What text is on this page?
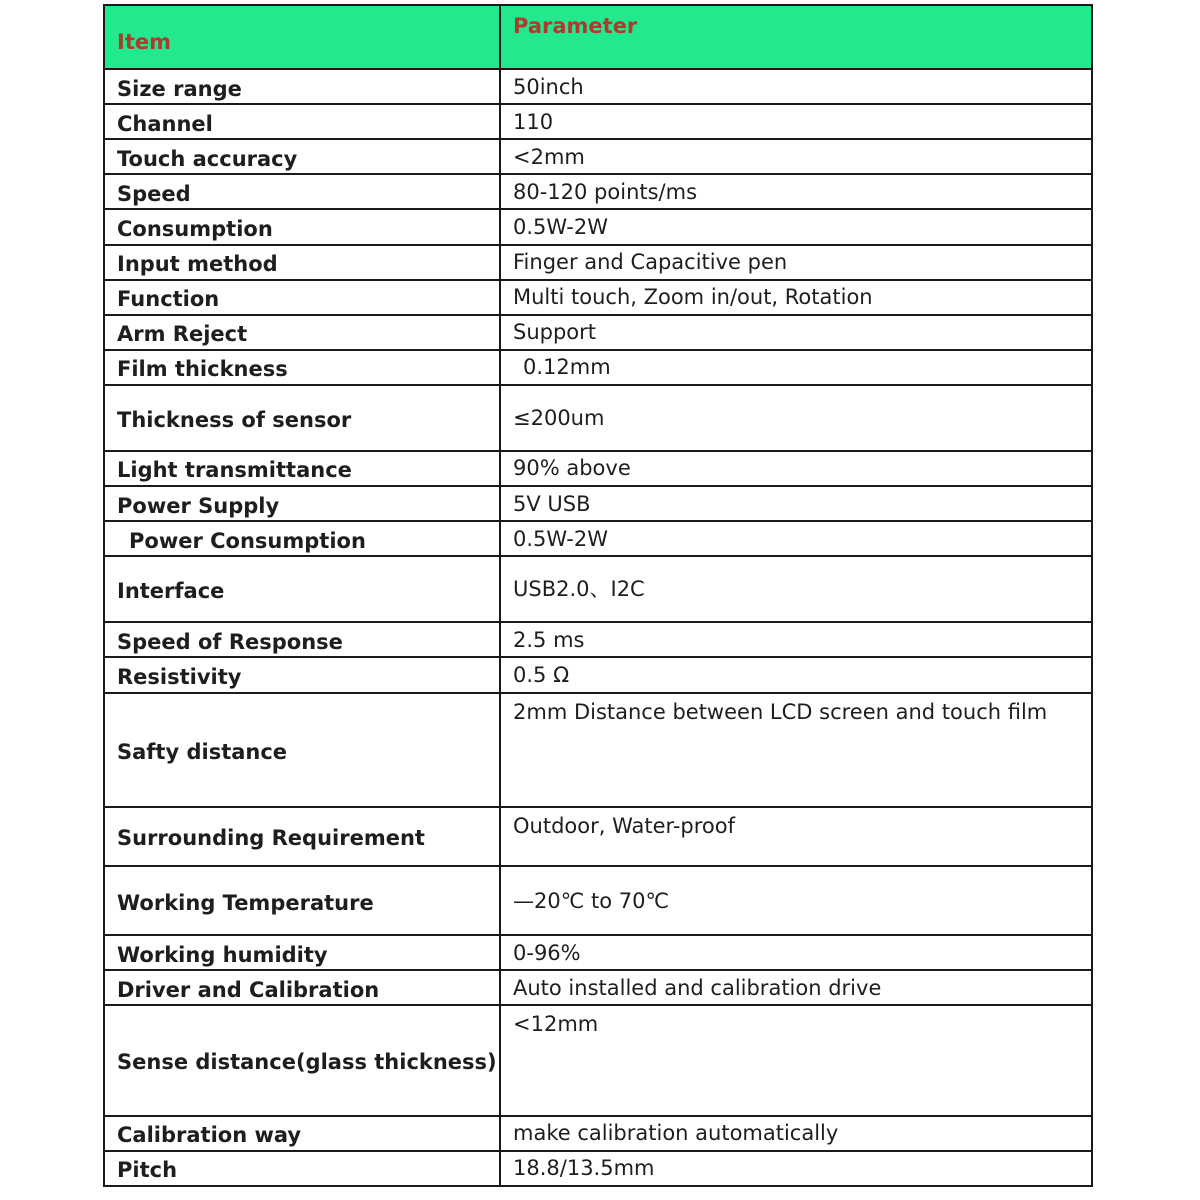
Item	Parameter
Size range	50inch
Channel	110
Touch accuracy	<2mm
Speed	80-120 points/ms
Consumption	0.5W-2W
Input method	Finger and Capacitive pen
Function	Multi touch, Zoom in/out, Rotation
Arm Reject	Support
Film thickness	0.12mm
Thickness of sensor	≤200um
Light transmittance	90% above
Power Supply	5V USB
Power Consumption	0.5W-2W
Interface	USB2.0、I2C
Speed of Response	2.5 ms
Resistivity	0.5 Ω
Safty distance	2mm Distance between LCD screen and touch film
Surrounding Requirement	Outdoor, Water-proof
Working Temperature	—20℃ to 70℃
Working humidity	0-96%
Driver and Calibration	Auto installed and calibration drive
Sense distance(glass thickness)	<12mm
Calibration way	make calibration automatically
Pitch	18.8/13.5mm
